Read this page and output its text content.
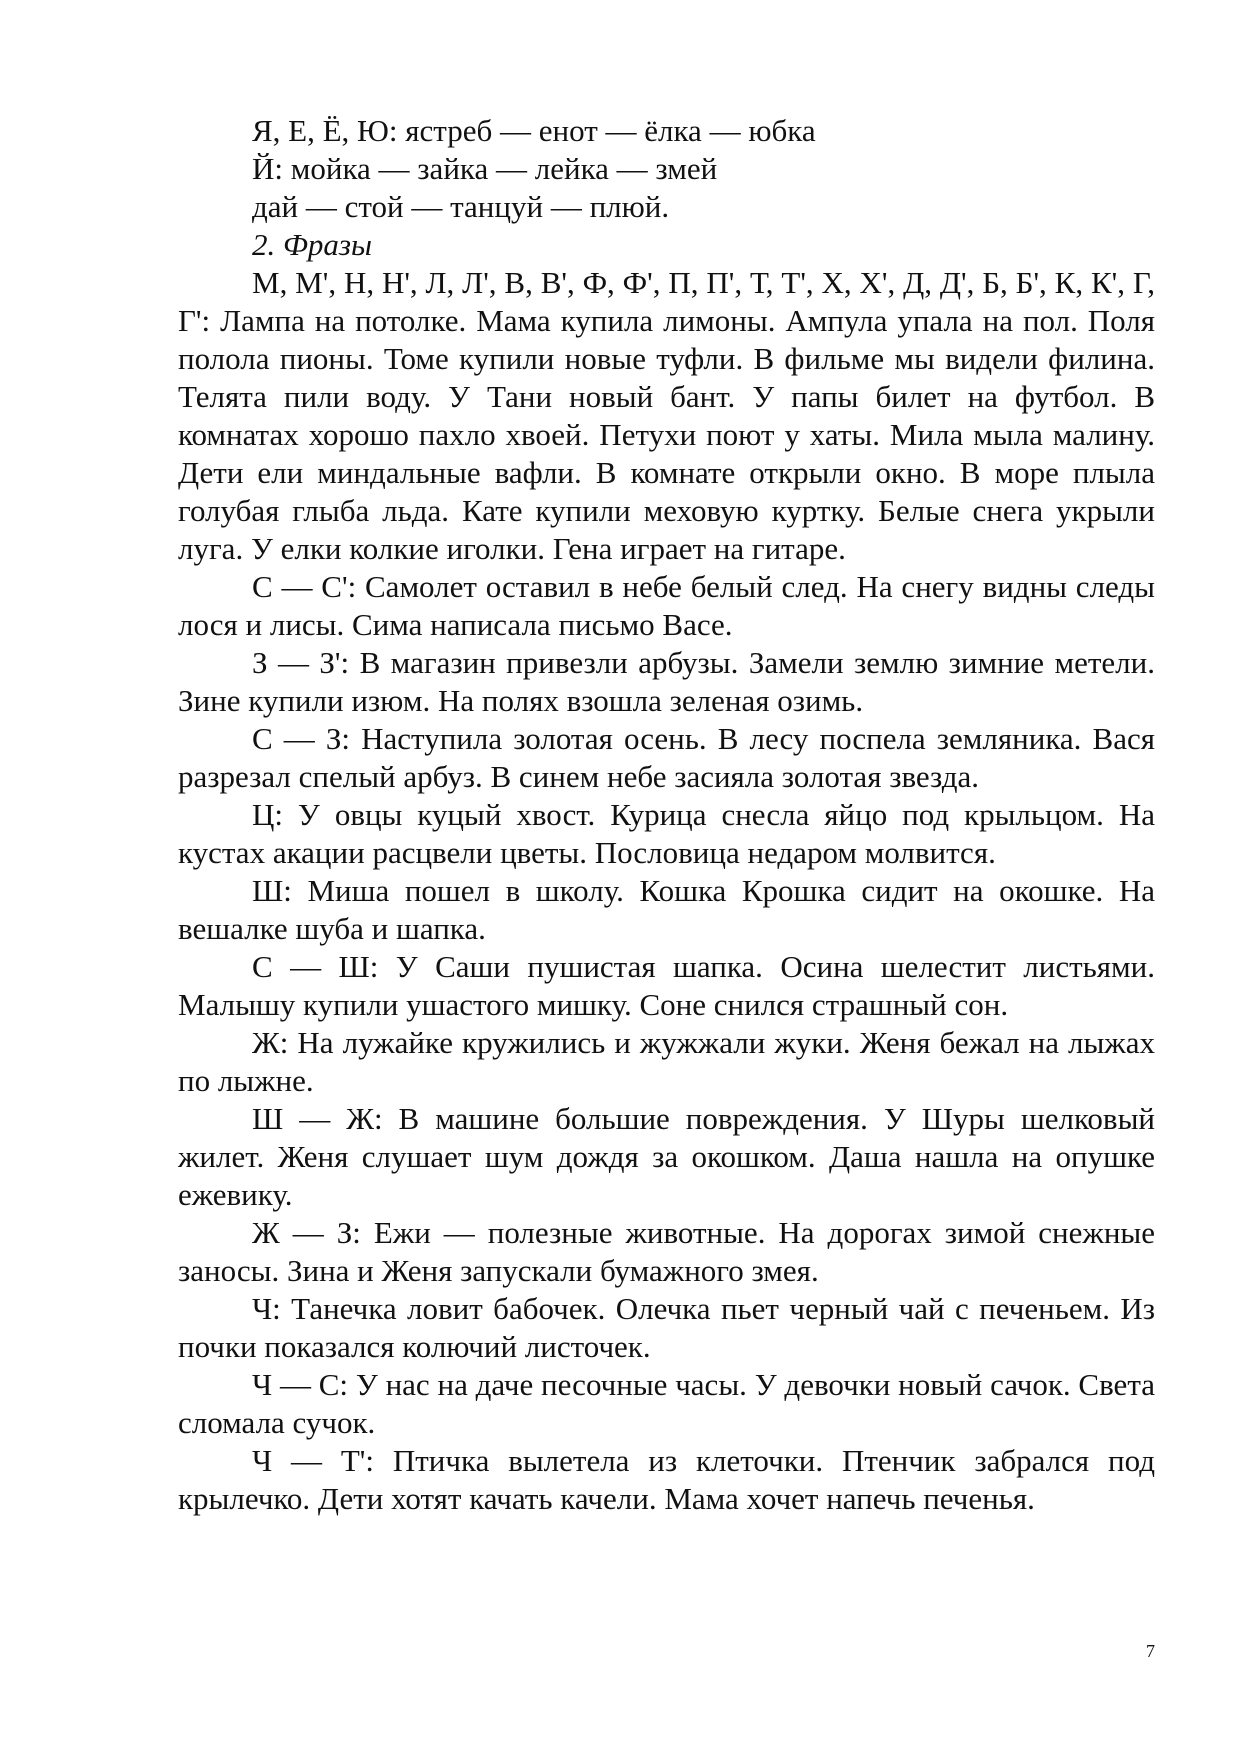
Я, Е, Ё, Ю: ястреб — енот — ёлка — юбка

Й: мойка — зайка — лейка — змей

дай — стой — танцуй — плюй.

2. Фразы

М, М', Н, Н', Л, Л', В, В', Ф, Ф', П, П', Т, Т', Х, Х', Д, Д', Б, Б', К, К', Г, Г': Лампа на потолке. Мама купила лимоны. Ампула упала на пол. Поля полола пионы. Томе купили новые туфли. В фильме мы видели филина. Телята пили воду. У Тани новый бант. У папы билет на футбол. В комнатах хорошо пахло хвоей. Петухи поют у хаты. Мила мыла малину. Дети ели миндальные вафли. В комнате открыли окно. В море плыла голубая глыба льда. Кате купили меховую куртку. Белые снега укрыли луга. У елки колкие иголки. Гена играет на гитаре.

С — С': Самолет оставил в небе белый след. На снегу видны следы лося и лисы. Сима написала письмо Васе.

З — З': В магазин привезли арбузы. Замели землю зимние метели. Зине купили изюм. На полях взошла зеленая озимь.

С — З: Наступила золотая осень. В лесу поспела земляника. Вася разрезал спелый арбуз. В синем небе засияла золотая звезда.

Ц: У овцы куцый хвост. Курица снесла яйцо под крыльцом. На кустах акации расцвели цветы. Пословица недаром молвится.

Ш: Миша пошел в школу. Кошка Крошка сидит на окошке. На вешалке шуба и шапка.

С — Ш: У Саши пушистая шапка. Осина шелестит листьями. Малышу купили ушастого мишку. Соне снился страшный сон.

Ж: На лужайке кружились и жужжали жуки. Женя бежал на лыжах по лыжне.

Ш — Ж: В машине большие повреждения. У Шуры шелковый жилет. Женя слушает шум дождя за окошком. Даша нашла на опушке ежевику.

Ж — З: Ежи — полезные животные. На дорогах зимой снежные заносы. Зина и Женя запускали бумажного змея.

Ч: Танечка ловит бабочек. Олечка пьет черный чай с печеньем. Из почки показался колючий листочек.

Ч — С: У нас на даче песочные часы. У девочки новый сачок. Света сломала сучок.

Ч — Т': Птичка вылетела из клеточки. Птенчик забрался под крылечко. Дети хотят качать качели. Мама хочет напечь печенья.

7
